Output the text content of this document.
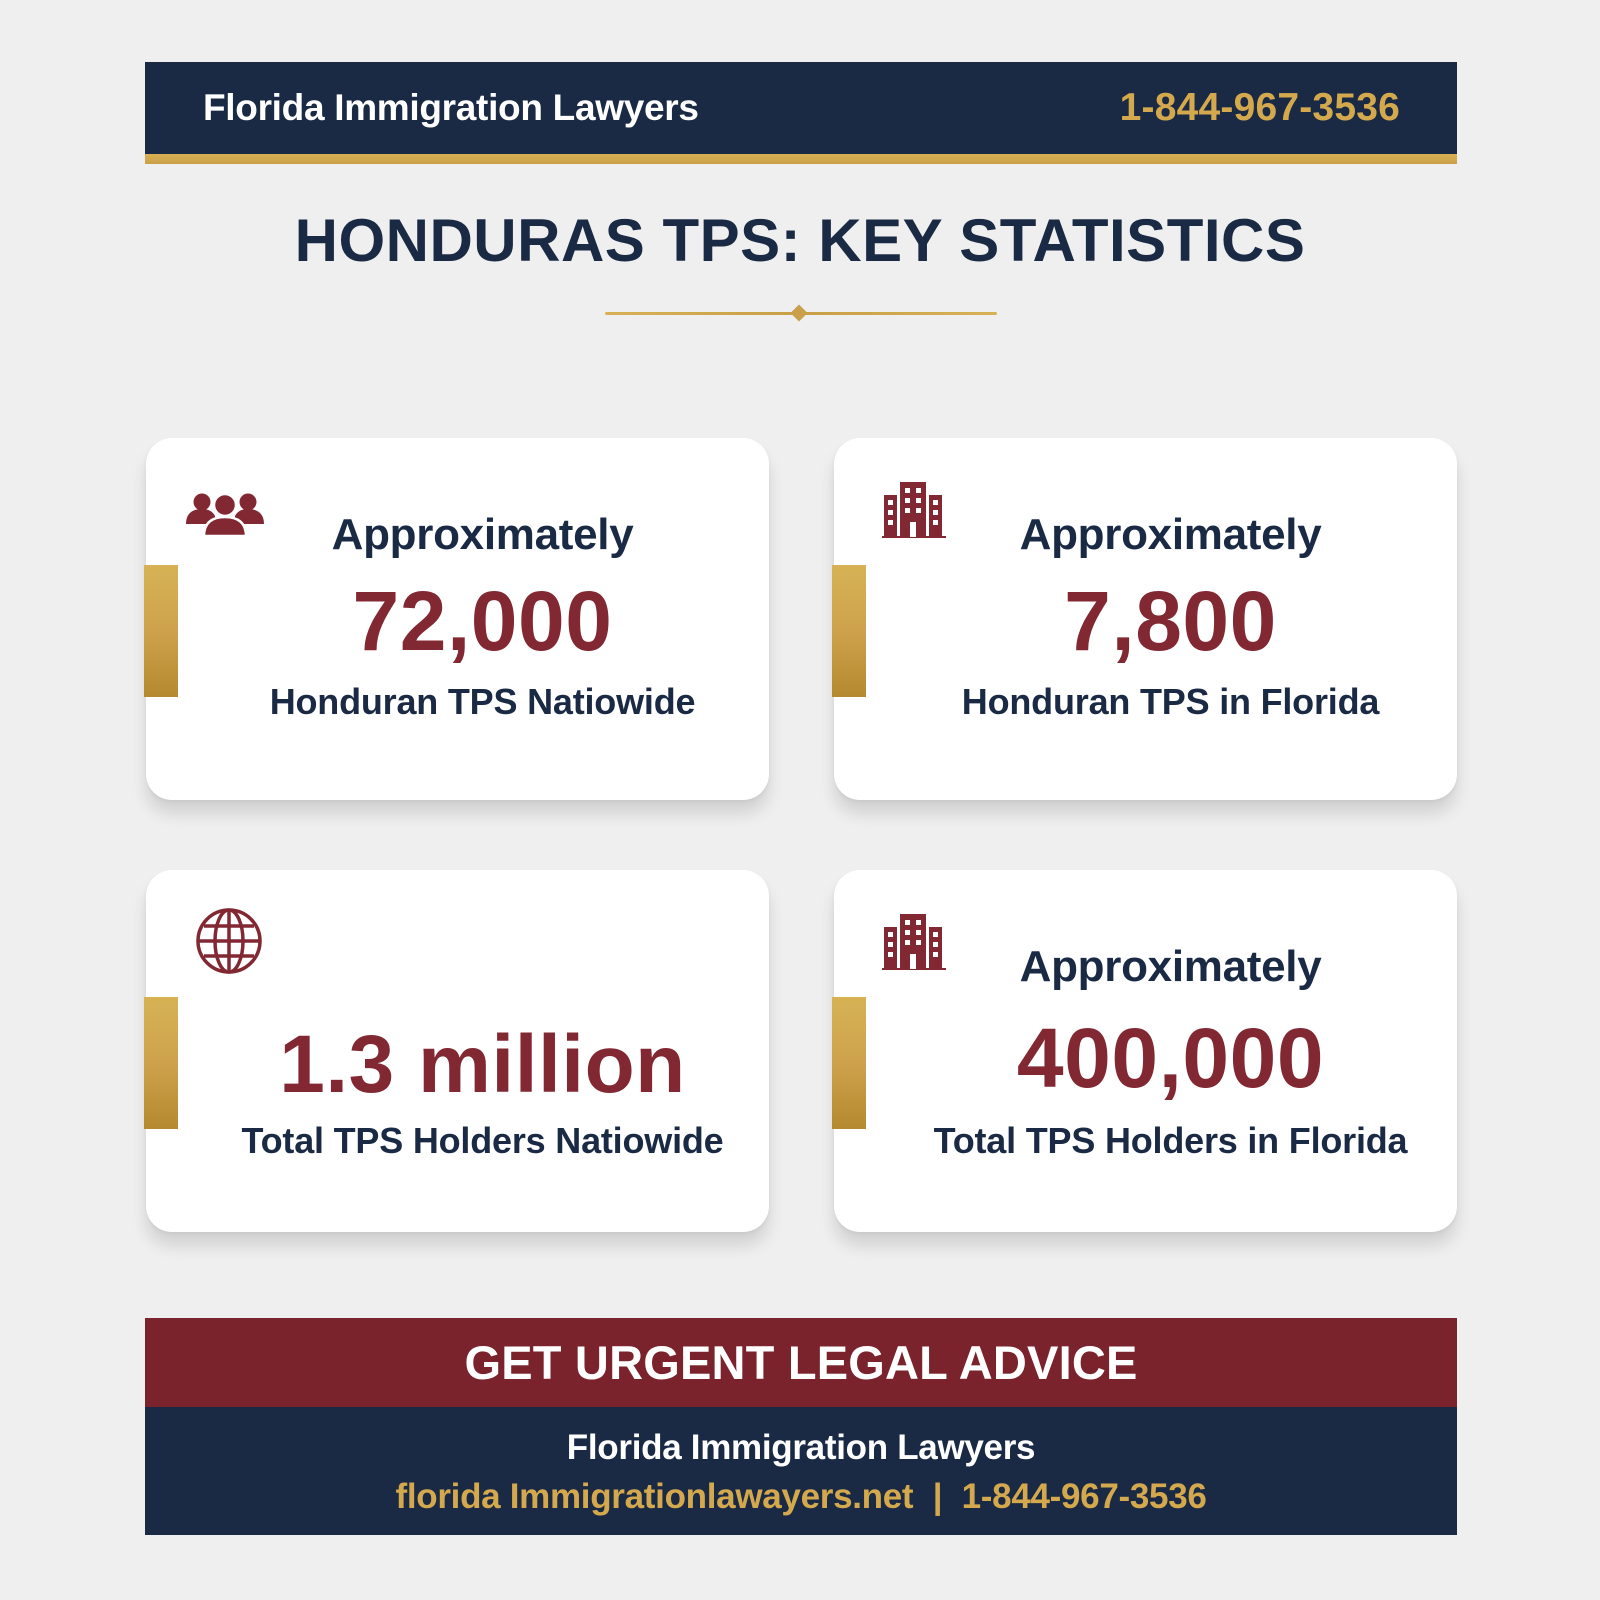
Florida Immigration Lawyers	1-844-967-3536
HONDURAS TPS: KEY STATISTICS
Approximately
72,000
Honduran TPS Natiowide
Approximately
7,800
Honduran TPS in Florida
1.3 million
Total TPS Holders Natiowide
Approximately
400,000
Total TPS Holders in Florida
GET URGENT LEGAL ADVICE
Florida Immigration Lawyers
florida Immigrationlawayers.net | 1-844-967-3536
